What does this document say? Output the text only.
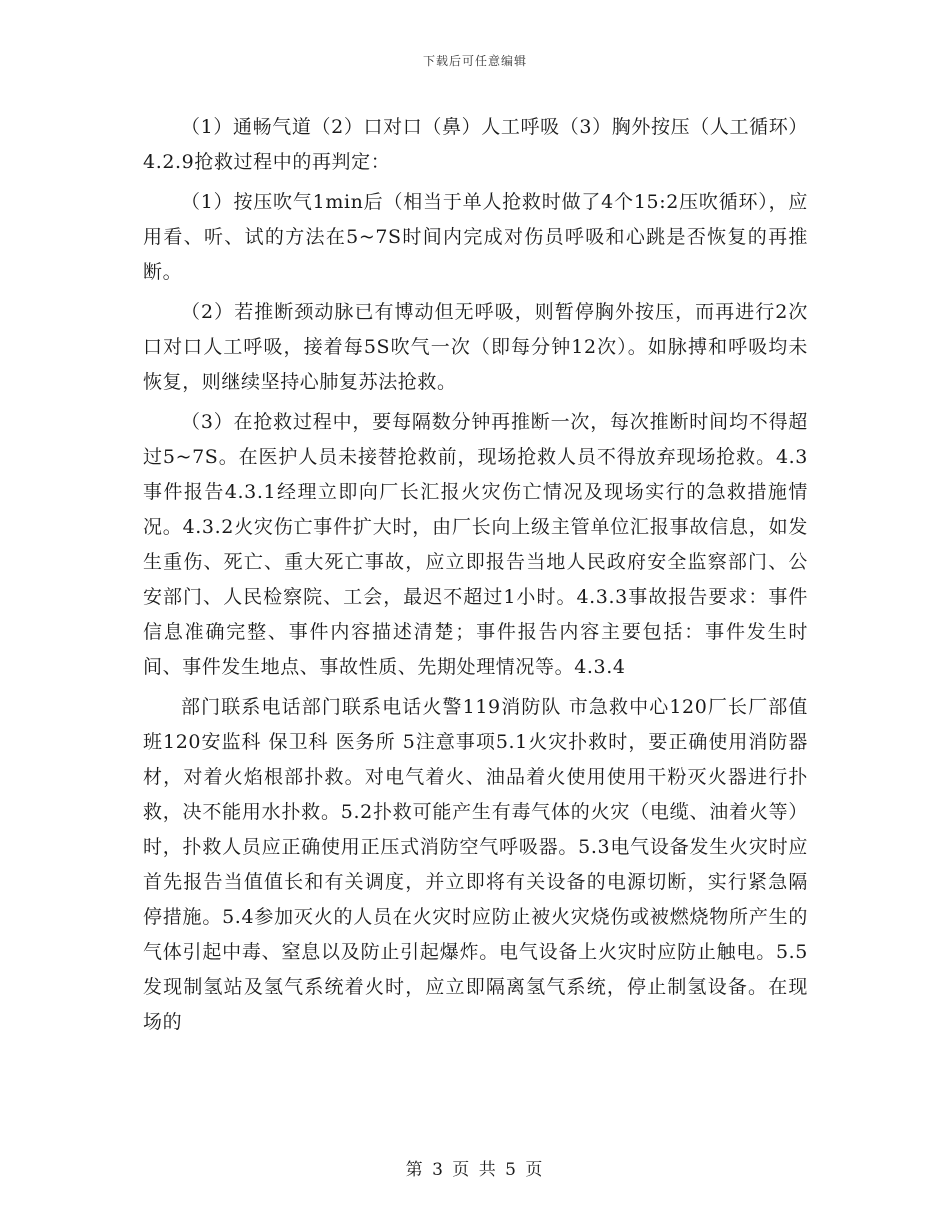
下载后可任意编辑

（1）通畅气道（2）口对口（鼻）人工呼吸（3）胸外按压（人工循环）4.2.9抢救过程中的再判定：

（1）按压吹气1min后（相当于单人抢救时做了4个15:2压吹循环），应用看、听、试的方法在5~7S时间内完成对伤员呼吸和心跳是否恢复的再推断。

（2）若推断颈动脉已有博动但无呼吸，则暂停胸外按压，而再进行2次口对口人工呼吸，接着每5S吹气一次（即每分钟12次）。如脉搏和呼吸均未恢复，则继续坚持心肺复苏法抢救。

（3）在抢救过程中，要每隔数分钟再推断一次，每次推断时间均不得超过5~7S。在医护人员未接替抢救前，现场抢救人员不得放弃现场抢救。4.3事件报告4.3.1经理立即向厂长汇报火灾伤亡情况及现场实行的急救措施情况。4.3.2火灾伤亡事件扩大时，由厂长向上级主管单位汇报事故信息，如发生重伤、死亡、重大死亡事故，应立即报告当地人民政府安全监察部门、公安部门、人民检察院、工会，最迟不超过1小时。4.3.3事故报告要求：事件信息准确完整、事件内容描述清楚；事件报告内容主要包括：事件发生时间、事件发生地点、事故性质、先期处理情况等。4.3.4

部门联系电话部门联系电话火警119消防队 市急救中心120厂长厂部值班120安监科 保卫科 医务所 5注意事项5.1火灾扑救时，要正确使用消防器材，对着火焰根部扑救。对电气着火、油品着火使用使用干粉灭火器进行扑救，决不能用水扑救。5.2扑救可能产生有毒气体的火灾（电缆、油着火等）时，扑救人员应正确使用正压式消防空气呼吸器。5.3电气设备发生火灾时应首先报告当值值长和有关调度，并立即将有关设备的电源切断，实行紧急隔停措施。5.4参加灭火的人员在火灾时应防止被火灾烧伤或被燃烧物所产生的气体引起中毒、窒息以及防止引起爆炸。电气设备上火灾时应防止触电。5.5发现制氢站及氢气系统着火时，应立即隔离氢气系统，停止制氢设备。在现场的

第 3 页 共 5 页
